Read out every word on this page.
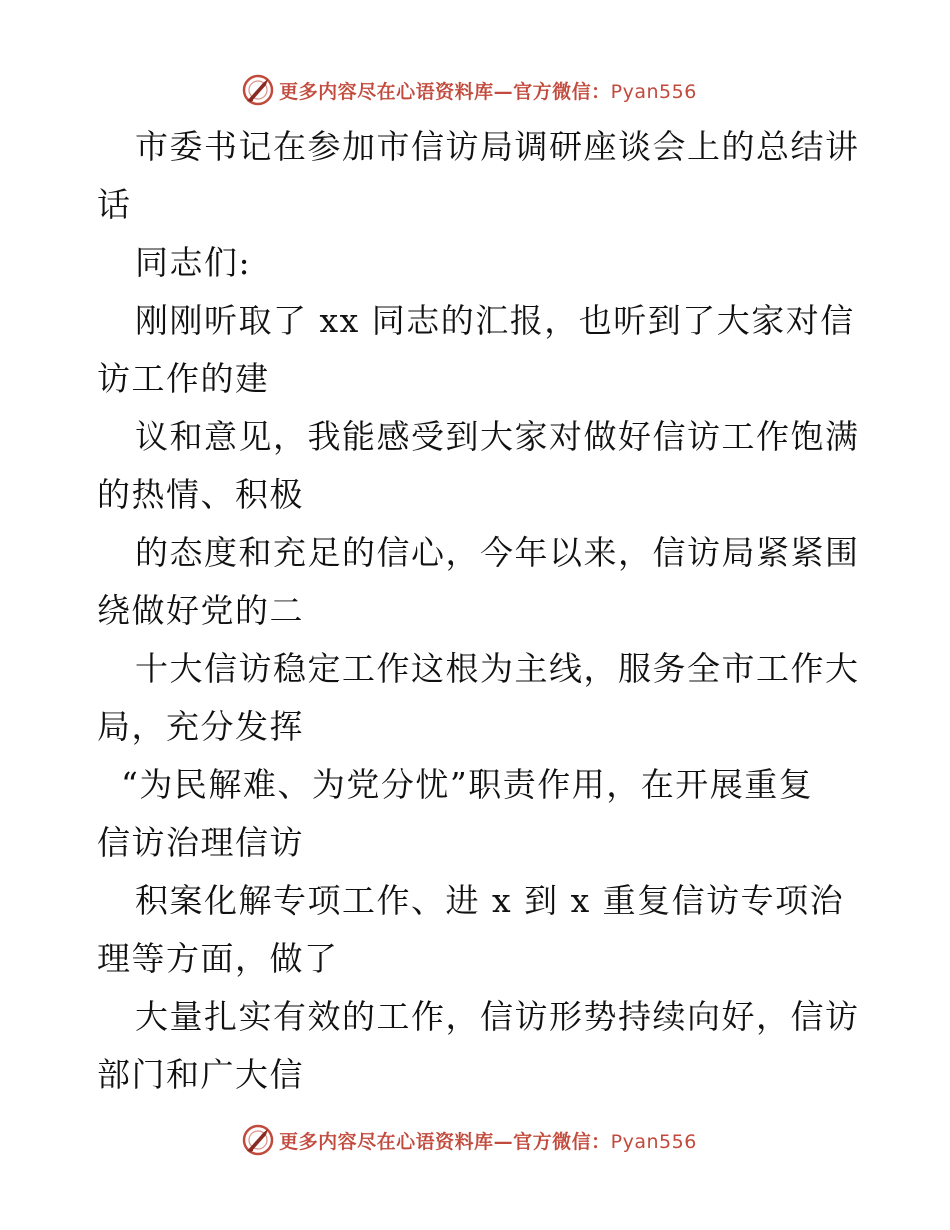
更多内容尽在心语资料库—官方微信：Pyan556
市委书记在参加市信访局调研座谈会上的总结讲
话
同志们:
刚刚听取了 xx 同志的汇报，也听到了大家对信
访工作的建
议和意见，我能感受到大家对做好信访工作饱满
的热情、积极
的态度和充足的信心，今年以来，信访局紧紧围
绕做好党的二
十大信访稳定工作这根为主线，服务全市工作大
局，充分发挥
“为民解难、为党分忧”职责作用，在开展重复
信访治理信访
积案化解专项工作、进 x 到 x 重复信访专项治
理等方面，做了
大量扎实有效的工作，信访形势持续向好，信访
部门和广大信
更多内容尽在心语资料库—官方微信：Pyan556
